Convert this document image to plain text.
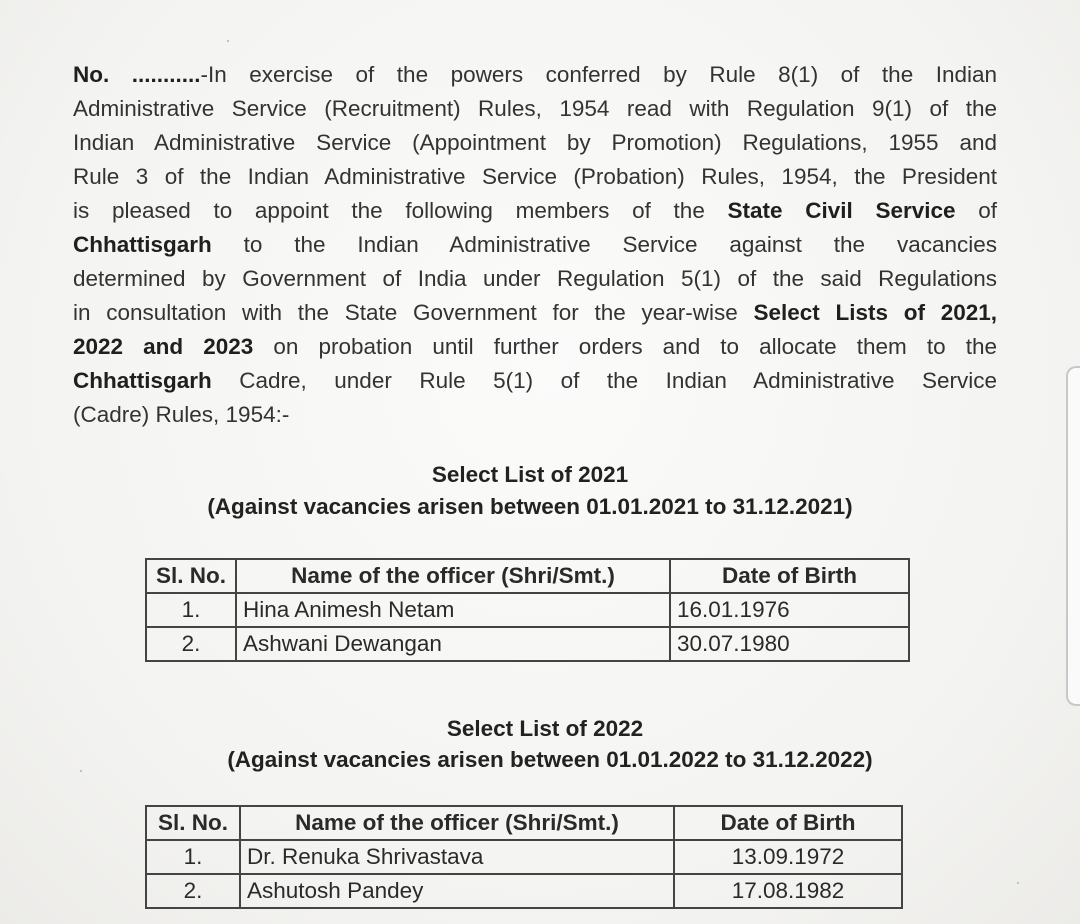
No. ...........-In exercise of the powers conferred by Rule 8(1) of the Indian
Administrative Service (Recruitment) Rules, 1954 read with Regulation 9(1) of the
Indian Administrative Service (Appointment by Promotion) Regulations, 1955 and
Rule 3 of the Indian Administrative Service (Probation) Rules, 1954, the President
is pleased to appoint the following members of the State Civil Service of
Chhattisgarh to the Indian Administrative Service against the vacancies
determined by Government of India under Regulation 5(1) of the said Regulations
in consultation with the State Government for the year-wise Select Lists of 2021,
2022 and 2023 on probation until further orders and to allocate them to the
Chhattisgarh Cadre, under Rule 5(1) of the Indian Administrative Service
(Cadre) Rules, 1954:-
Select List of 2021
(Against vacancies arisen between 01.01.2021 to 31.12.2021)
Sl. No.	Name of the officer (Shri/Smt.)	Date of Birth
1.	Hina Animesh Netam	16.01.1976
2.	Ashwani Dewangan	30.07.1980
Select List of 2022
(Against vacancies arisen between 01.01.2022 to 31.12.2022)
Sl. No.	Name of the officer (Shri/Smt.)	Date of Birth
1.	Dr. Renuka Shrivastava	13.09.1972
2.	Ashutosh Pandey	17.08.1982
·
·
·
